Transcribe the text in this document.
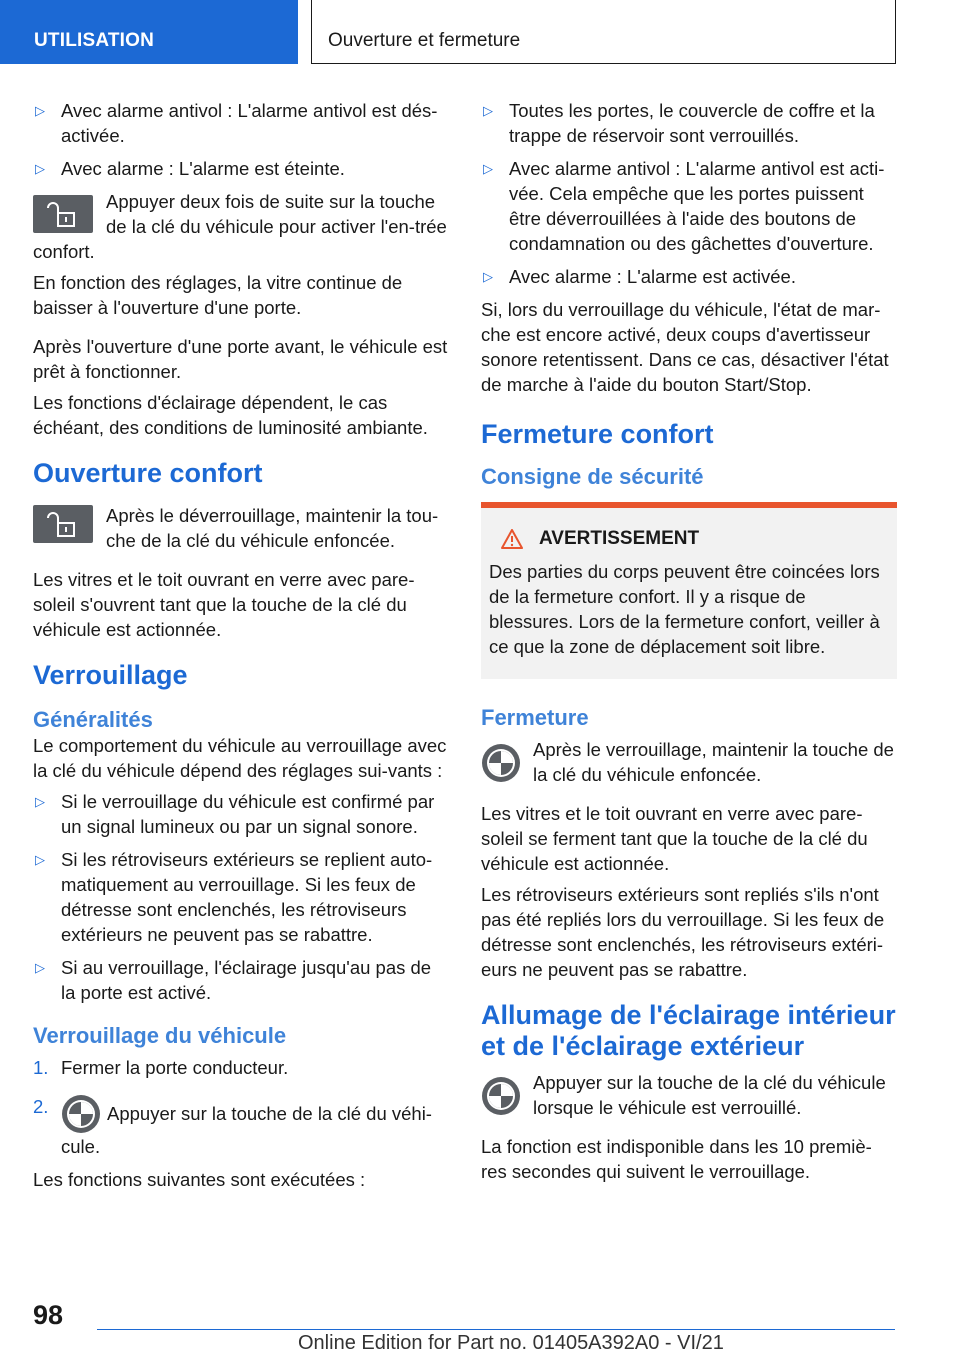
UTILISATION	Ouverture et fermeture
▷ Avec alarme antivol : L'alarme antivol est dés-activée.
▷ Avec alarme : L'alarme est éteinte.

Appuyer deux fois de suite sur la touche de la clé du véhicule pour activer l'en-trée confort.

En fonction des réglages, la vitre continue de baisser à l'ouverture d'une porte.

Après l'ouverture d'une porte avant, le véhicule est prêt à fonctionner.

Les fonctions d'éclairage dépendent, le cas échéant, des conditions de luminosité ambiante.

Ouverture confort

Après le déverrouillage, maintenir la tou-che de la clé du véhicule enfoncée.

Les vitres et le toit ouvrant en verre avec pare-soleil s'ouvrent tant que la touche de la clé du véhicule est actionnée.

Verrouillage
Généralités

Le comportement du véhicule au verrouillage avec la clé du véhicule dépend des réglages sui-vants :

▷ Si le verrouillage du véhicule est confirmé par un signal lumineux ou par un signal sonore.
▷ Si les rétroviseurs extérieurs se replient auto-matiquement au verrouillage. Si les feux de détresse sont enclenchés, les rétroviseurs extérieurs ne peuvent pas se rabattre.
▷ Si au verrouillage, l'éclairage jusqu'au pas de la porte est activé.
Verrouillage du véhicule
1. Fermer la porte conducteur.
2.	Appuyer sur la touche de la clé du véhi-cule.

Les fonctions suivantes sont exécutées :

▷ Toutes les portes, le couvercle de coffre et la trappe de réservoir sont verrouillés.
▷ Avec alarme antivol : L'alarme antivol est acti-vée. Cela empêche que les portes puissent être déverrouillées à l'aide des boutons de condamnation ou des gâchettes d'ouverture.
▷ Avec alarme : L'alarme est activée.

Si, lors du verrouillage du véhicule, l'état de mar-che est encore activé, deux coups d'avertisseur sonore retentissent. Dans ce cas, désactiver l'état de marche à l'aide du bouton Start/Stop.

Fermeture confort
Consigne de sécurité
AVERTISSEMENT

Des parties du corps peuvent être coincées lors de la fermeture confort. Il y a risque de blessures. Lors de la fermeture confort, veiller à ce que la zone de déplacement soit libre.

Fermeture

Après le verrouillage, maintenir la touche de la clé du véhicule enfoncée.

Les vitres et le toit ouvrant en verre avec pare-soleil se ferment tant que la touche de la clé du véhicule est actionnée.

Les rétroviseurs extérieurs sont repliés s'ils n'ont pas été repliés lors du verrouillage. Si les feux de détresse sont enclenchés, les rétroviseurs extéri-eurs ne peuvent pas se rabattre.

Allumage de l'éclairage intérieur et de l'éclairage extérieur

Appuyer sur la touche de la clé du véhicule lorsque le véhicule est verrouillé.

La fonction est indisponible dans les 10 premiè-res secondes qui suivent le verrouillage.

98
Online Edition for Part no. 01405A392A0 - VI/21
